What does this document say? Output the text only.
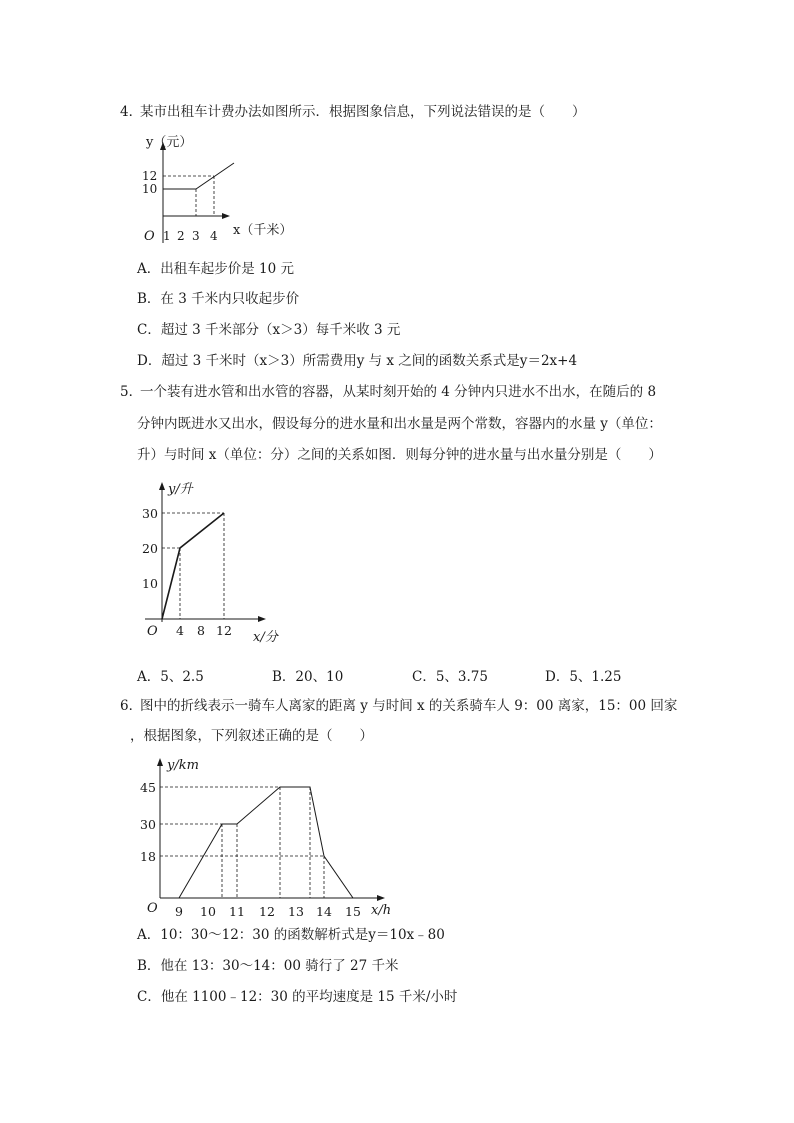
4．某市出租车计费办法如图所示．根据图象信息，下列说法错误的是（　　）
y（元）
12
10
O 1 2 3 4 x（千米）
A．出租车起步价是 10 元
B．在 3 千米内只收起步价
C．超过 3 千米部分（x＞3）每千米收 3 元
D．超过 3 千米时（x＞3）所需费用y 与 x 之间的函数关系式是y＝2x+4
5．一个装有进水管和出水管的容器，从某时刻开始的 4 分钟内只进水不出水，在随后的 8
分钟内既进水又出水，假设每分的进水量和出水量是两个常数，容器内的水量 y（单位：
升）与时间 x（单位：分）之间的关系如图．则每分钟的进水量与出水量分别是（　　）
y/升
30
20
10
O 4 8 12 x/分
A．5、2.5	B．20、10	C．5、3.75	D．5、1.25
6．图中的折线表示一骑车人离家的距离 y 与时间 x 的关系骑车人 9：00 离家，15：00 回家
，根据图象，下列叙述正确的是（　　）
y/km
45
30
18
O 9 10 11 12 13 14 15 x/h
A．10：30～12：30 的函数解析式是y＝10x﹣80
B．他在 13：30～14：00 骑行了 27 千米
C．他在 1100﹣12：30 的平均速度是 15 千米/小时
